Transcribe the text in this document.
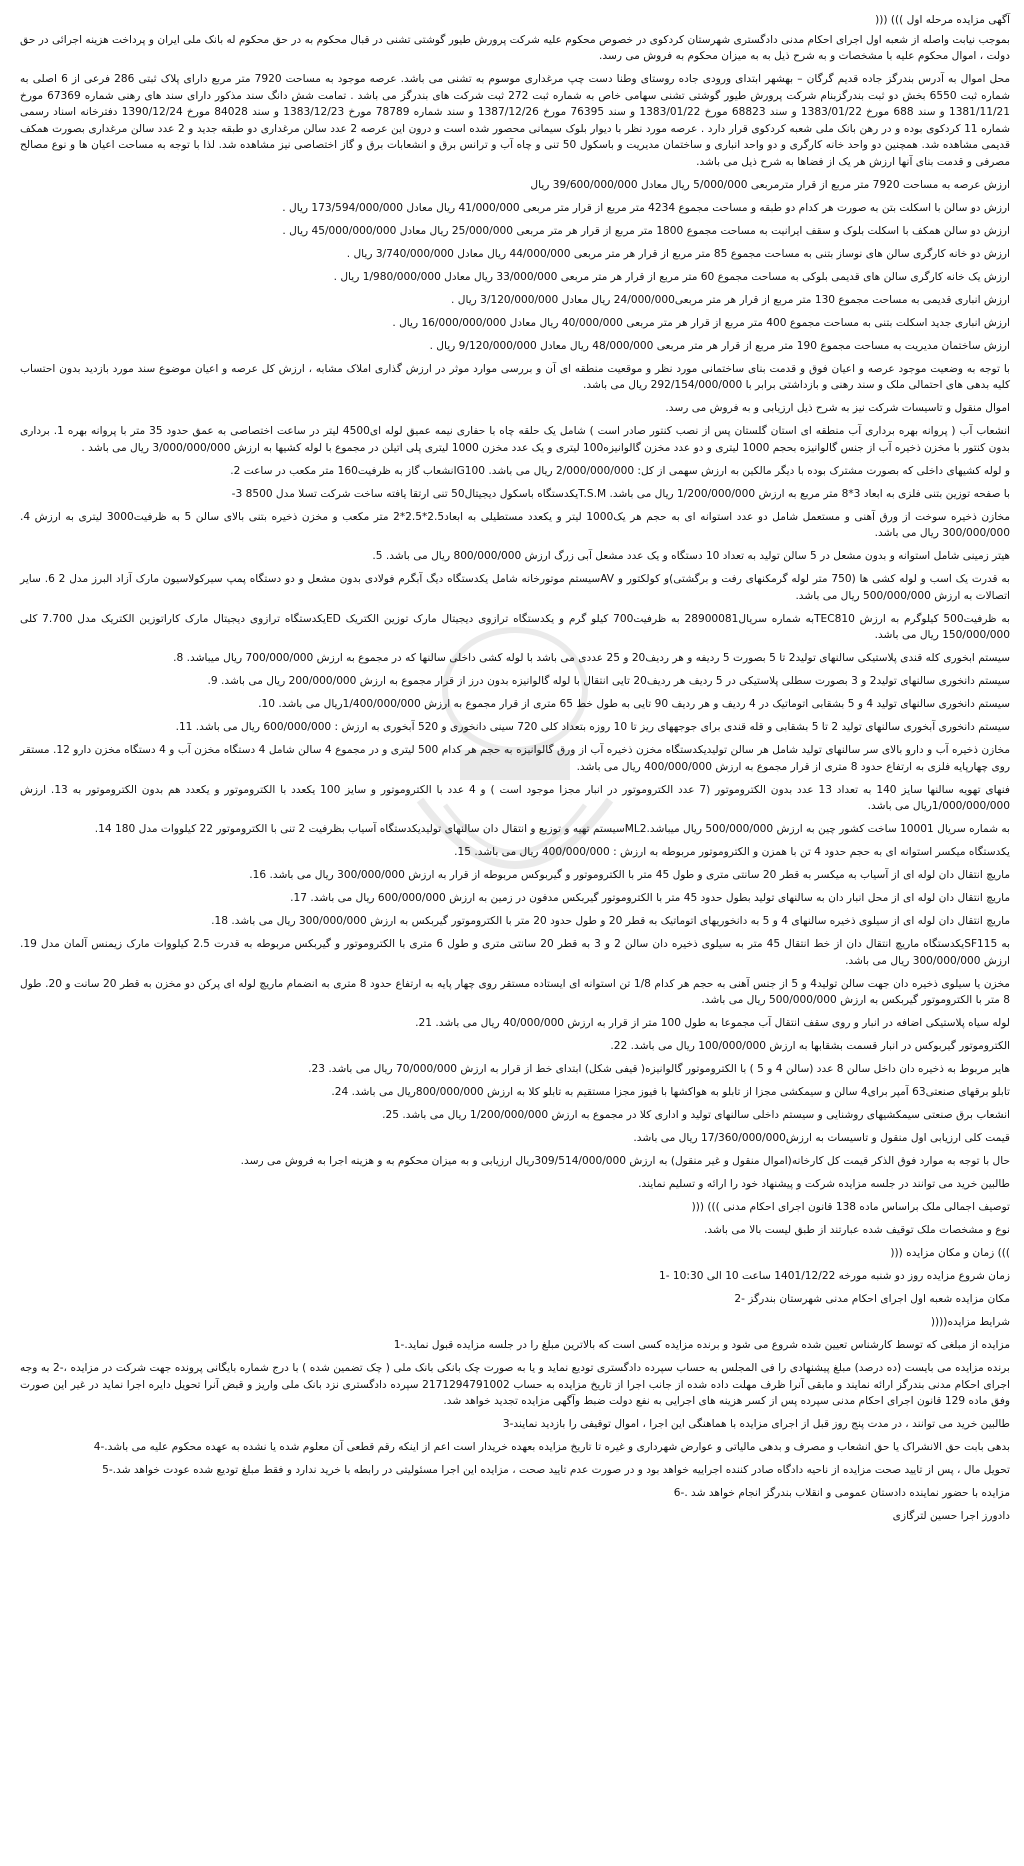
آگهی مزایده مرحله اول ))) (((

بموجب نیابت واصله از شعبه اول اجرای احکام مدنی دادگستری شهرستان کردکوی در خصوص محکوم علیه شرکت پرورش طیور گوشتی تشنی در قبال محکوم به در حق محکوم له بانک ملی ایران و پرداخت هزینه اجرائی در حق دولت ، اموال محکوم علیه با مشخصات و به شرح ذیل به به میزان محکوم به فروش می رسد.

محل اموال به آدرس بندرگز جاده قدیم گرگان – بهشهر ابتدای ورودی جاده روستای وطنا دست چپ مرغداری موسوم به تشنی می باشد. عرصه موجود به مساحت 7920 متر مربع دارای پلاک ثبتی 286 فرعی از 6 اصلی به شماره ثبت 6550 بخش دو ثبت بندرگزبنام شرکت پرورش طیور گوشتی تشنی سهامی خاص به شماره ثبت 272 ثبت شرکت های بندرگز می باشد . تمامت شش دانگ سند مذکور دارای سند های رهنی شماره 67369 مورخ 1381/11/21 و سند 688 مورخ 1383/01/22 و سند 68823 مورخ 1383/01/22 و سند 76395 مورخ 1387/12/26 و سند شماره 78789 مورخ 1383/12/23 و سند 84028 مورخ 1390/12/24 دفترخانه اسناد رسمی شماره 11 کردکوی بوده و در رهن بانک ملی شعبه کردکوی قرار دارد . عرصه مورد نظر با دیوار بلوک سیمانی محصور شده است و درون این عرصه 2 عدد سالن مرغداری دو طبقه جدید و 2 عدد سالن مرغداری بصورت همکف قدیمی مشاهده شد. همچنین دو واحد خانه کارگری و دو واحد انباری و ساختمان مدیریت و باسکول 50 تنی و چاه آب و ترانس برق و انشعابات برق و گاز اختصاصی نیز مشاهده شد. لذا با توجه به مساحت اعیان ها و نوع مصالح مصرفی و قدمت بنای آنها ارزش هر یک از فضاها به شرح ذیل می باشد.

ارزش عرصه به مساحت 7920 متر مربع از قرار مترمربعی 5/000/000 ریال معادل 39/600/000/000 ریال

ارزش دو سالن با اسکلت بتن به صورت هر کدام دو طبقه و مساحت مجموع 4234 متر مربع از قرار متر مربعی 41/000/000 ریال معادل 173/594/000/000 ریال .

ارزش دو سالن همکف با اسکلت بلوک و سقف ایرانیت به مساحت مجموع 1800 متر مربع از قرار هر متر مربعی 25/000/000 ریال معادل 45/000/000/000 ریال .

ارزش دو خانه کارگری سالن های نوساز بتنی به مساحت مجموع 85 متر مربع از قرار هر متر مربعی 44/000/000 ریال معادل 3/740/000/000 ریال .

ارزش یک خانه کارگری سالن های قدیمی بلوکی به مساحت مجموع 60 متر مربع از قرار هر متر مربعی 33/000/000 ریال معادل 1/980/000/000 ریال .

ارزش انباری قدیمی به مساحت مجموع 130 متر مربع از قرار هر متر مربعی24/000/000 ریال معادل 3/120/000/000 ریال .

ارزش انباری جدید اسکلت بتنی به مساحت مجموع 400 متر مربع از قرار هر متر مربعی 40/000/000 ریال معادل 16/000/000/000 ریال .

ارزش ساختمان مدیریت به مساحت مجموع 190 متر مربع از قرار هر متر مربعی 48/000/000 ریال معادل 9/120/000/000 ریال .

با توجه به وضعیت موجود عرصه و اعیان فوق و قدمت بنای ساختمانی مورد نظر و موقعیت منطقه ای آن و بررسی موارد موثر در ارزش گذاری املاک مشابه ، ارزش کل عرصه و اعیان موضوع سند مورد بازدید بدون احتساب کلیه بدهی های احتمالی ملک و سند رهنی و بازداشتی برابر با 292/154/000/000 ریال می باشد.

اموال منقول و تاسیسات شرکت نیز به شرح ذیل ارزیابی و به فروش می رسد.

انشعاب آب ( پروانه بهره برداری آب منطقه ای استان گلستان پس از نصب کنتور صادر است ) شامل یک حلقه چاه با حفاری نیمه عمیق لوله ای4500 لیتر در ساعت اختصاصی به عمق حدود 35 متر با پروانه بهره 1. برداری بدون کنتور با مخزن ذخیره آب از جنس گالوانیزه بحجم 1000 لیتری و دو عدد مخزن گالوانیزه100 لیتری و یک عدد مخزن 1000 لیتری پلی اتیلن در مجموع با لوله کشیها به ارزش 3/000/000/000 ریال می باشد .

و لوله کشیهای داخلی که بصورت مشترک بوده با دیگر مالکین به ارزش سهمی از کل: 2/000/000/000 ریال می باشد. G100انشعاب گاز به ظرفیت160 متر مکعب در ساعت 2.

با صفحه توزین بتنی فلزی به ابعاد 3*8 متر مربع به ارزش 1/200/000/000 ریال می باشد. T.S.Mیکدستگاه باسکول دیجیتال50 تنی ارتقا یافته ساخت شرکت تسلا مدل 8500 3-

مخازن ذخیره سوخت از ورق آهنی و مستعمل شامل دو عدد استوانه ای به حجم هر یک1000 لیتر و یکعدد مستطیلی به ابعاد2.5*2.5*2 متر مکعب و مخزن ذخیره بتنی بالای سالن 5 به ظرفیت3000 لیتری به ارزش 4. 300/000/000 ریال می باشد.

هیتر زمینی شامل استوانه و بدون مشعل در 5 سالن تولید به تعداد 10 دستگاه و یک عدد مشعل آبی زرگ ارزش 800/000/000 ریال می باشد. 5.

به قدرت یک اسب و لوله کشی ها (750 متر لوله گرمکنهای رفت و برگشتی)و کولکتور و AVسیستم موتورخانه شامل یکدستگاه دیگ آبگرم فولادی بدون مشعل و دو دستگاه پمپ سیرکولاسیون مارک آزاد البرز مدل 2 6. سایر اتصالات به ارزش 500/000/000 ریال می باشد.

به ظرفیت500 کیلوگرم به ارزش TEC810به شماره سریال28900081 به ظرفیت700 کیلو گرم و یکدستگاه ترازوی دیجیتال مارک توزین الکتریک EDیکدستگاه ترازوی دیجیتال مارک کاراتوزین الکتریک مدل 7.700 کلی 150/000/000 ریال می باشد.

سیستم ابخوری کله قندی پلاستیکی سالنهای تولید2 تا 5 بصورت 5 ردیفه و هر ردیف20 و 25 عددی می باشد با لوله کشی داخلی سالنها که در مجموع به ارزش 700/000/000 ریال میباشد. 8.

سیستم دانخوری سالنهای تولید2 و 3 بصورت سطلی پلاستیکی در 5 ردیف هر ردیف20 تایی انتقال با لوله گالوانیزه بدون درز از قرار مجموع به ارزش 200/000/000 ریال می باشد. 9.

سیستم دانخوری سالنهای تولید 4 و 5 بشقابی اتوماتیک در 4 ردیف و هر ردیف 90 تایی به طول خط 65 متری از قرار مجموع به ارزش 1/400/000/000ریال می باشد. 10.

سیستم دانخوری آبخوری سالنهای تولید 2 تا 5 بشقابی و قله قندی برای جوجههای ریز تا 10 روزه بتعداد کلی 720 سینی دانخوری و 520 آبخوری به ارزش : 600/000/000 ریال می باشد. 11.

مخازن ذخیره آب و دارو بالای سر سالنهای تولید شامل هر سالن تولیدیکدستگاه مخزن ذخیره آب از ورق گالوانیزه به حجم هر کدام 500 لیتری و در مجموع 4 سالن شامل 4 دستگاه مخزن آب و 4 دستگاه مخزن دارو 12. مستقر روی چهارپایه فلزی به ارتفاع حدود 8 متری از قرار مجموع به ارزش 400/000/000 ریال می باشد.

فنهای تهویه سالنها سایز 140 به تعداد 13 عدد بدون الکتروموتور (7 عدد الکتروموتور در انبار مجزا موجود است ) و 4 عدد با الکتروموتور و سایز 100 یکعدد با الکتروموتور و یکعدد هم بدون الکتروموتور به 13. ارزش 1/000/000/000ریال می باشد.

به شماره سریال 10001 ساخت کشور چین به ارزش 500/000/000 ریال میباشد.ML2سیستم تهیه و توزیع و انتقال دان سالنهای تولیدیکدستگاه آسیاب بظرفیت 2 تنی با الکتروموتور 22 کیلووات مدل 180 14.

یکدستگاه میکسر استوانه ای به حجم حدود 4 تن با همزن و الکتروموتور مربوطه به ارزش : 400/000/000 ریال می باشد. 15.

ماریچ انتقال دان لوله ای از آسیاب به میکسر به قطر 20 سانتی متری و طول 45 متر با الکتروموتور و گیربوکس مربوطه از قرار به ارزش 300/000/000 ریال می باشد. 16.

ماریچ انتقال دان لوله ای از محل انبار دان به سالنهای تولید بطول حدود 45 متر با الکتروموتور گیربکس مدفون در زمین به ارزش 600/000/000 ریال می باشد. 17.

ماریچ انتقال دان لوله ای از سیلوی ذخیره سالنهای 4 و 5 به دانخوریهای اتوماتیک به قطر 20 و طول حدود 20 متر با الکتروموتور گیربکس به ارزش 300/000/000 ریال می باشد. 18.

به SF115یکدستگاه ماریچ انتقال دان از خط انتقال 45 متر به سیلوی ذخیره دان سالن 2 و 3 به قطر 20 سانتی متری و طول 6 متری با الکتروموتور و گیربکس مربوطه به قدرت 2.5 کیلووات مارک زیمنس آلمان مدل 19. ارزش 300/000/000 ریال می باشد.

مخزن یا سیلوی ذخیره دان جهت سالن تولید4 و 5 از جنس آهنی به حجم هر کدام 1/8 تن استوانه ای ایستاده مستقر روی چهار پایه به ارتفاع حدود 8 متری به انضمام ماریچ لوله ای پرکن دو مخزن به قطر 20 سانت و 20. طول 8 متر با الکتروموتور گیربکس به ارزش 500/000/000 ریال می باشد.

لوله سیاه پلاستیکی اضافه در انبار و روی سقف انتقال آب مجموعا به طول 100 متر از قرار به ارزش 40/000/000 ریال می باشد. 21.

الکتروموتور گیربوکس در انبار قسمت بشقابها به ارزش 100/000/000 ریال می باشد. 22.

هایر مربوط به ذخیره دان داخل سالن 8 عدد (سالن 4 و 5 ) با الکتروموتور گالوانیزه( قیفی شکل) ابتدای خط از قرار به ارزش 70/000/000 ریال می باشد. 23.

تابلو برقهای صنعتی63 آمپر برای4 سالن و سیمکشی مجزا از تابلو به هواکشها با فیوز مجزا مستقیم به تابلو کلا به ارزش 800/000/000ریال می باشد. 24.

انشعاب برق صنعتی سیمکشیهای روشنایی و سیستم داخلی سالنهای تولید و اداری کلا در مجموع به ارزش 1/200/000/000 ریال می باشد. 25.

قیمت کلی ارزیابی اول منقول و تاسیسات به ارزش17/360/000/000 ریال می باشد.

حال با توجه به موارد فوق الذکر قیمت کل کارخانه(اموال منقول و غیر منقول) به ارزش 309/514/000/000ریال ارزیابی و به میزان محکوم به و هزینه اجرا به فروش می رسد.

طالبین خرید می توانند در جلسه مزایده شرکت و پیشنهاد خود را ارائه و تسلیم نمایند.

توصیف اجمالی ملک براساس ماده 138 قانون اجرای احکام مدنی ))) (((

نوع و مشخصات ملک توقیف شده عبارتند از طبق لیست بالا می باشد.

))) زمان و مکان مزایده (((

زمان شروع مزایده روز دو شنبه مورخه 1401/12/22 ساعت 10 الی 10:30 -1

مکان مزایده شعبه اول اجرای احکام مدنی شهرستان بندرگز -2

شرایط مزایده((((

مزایده از مبلغی که توسط کارشناس تعیین شده شروع می شود و برنده مزایده کسی است که بالاترین مبلغ را در جلسه مزایده قبول نماید.-1

برنده مزایده می بایست (ده درصد) مبلغ پیشنهادی را فی المجلس به حساب سپرده دادگستری تودیع نماید و یا به صورت چک بانکی بانک ملی ( چک تضمین شده ) با درج شماره بایگانی پرونده جهت شرکت در مزایده ،-2 به وجه اجرای احکام مدنی بندرگز ارائه نمایند و مابقی آنرا ظرف مهلت داده شده از جانب اجرا از تاریخ مزایده به حساب 2171294791002 سپرده دادگستری نزد بانک ملی واریز و قبض آنرا تحویل دایره اجرا نماید در غیر این صورت وفق ماده 129 قانون اجرای احکام مدنی سپرده پس از کسر هزینه های اجرایی به نفع دولت ضبط وآگهی مزایده تجدید خواهد شد.

طالبین خرید می توانند ، در مدت پنج روز قبل از اجرای مزایده با هماهنگی این اجرا ، اموال توقیفی را بازدید نمایند-3

بدهی بابت حق الانشراک یا حق انشعاب و مصرف و بدهی مالیاتی و عوارض شهرداری و غیره تا تاریخ مزایده بعهده خریدار است اعم از اینکه رقم قطعی آن معلوم شده یا نشده به عهده محکوم علیه می باشد.-4

تحویل مال ، پس از تایید صحت مزایده از ناحیه دادگاه صادر کننده اجراییه خواهد بود و در صورت عدم تایید صحت ، مزایده این اجرا مسئولیتی در رابطه با خرید ندارد و فقط مبلغ تودیع شده عودت خواهد شد.-5

مزایده با حضور نماینده دادستان عمومی و انقلاب بندرگز انجام خواهد شد .-6

دادورز اجرا حسین لترگازی
